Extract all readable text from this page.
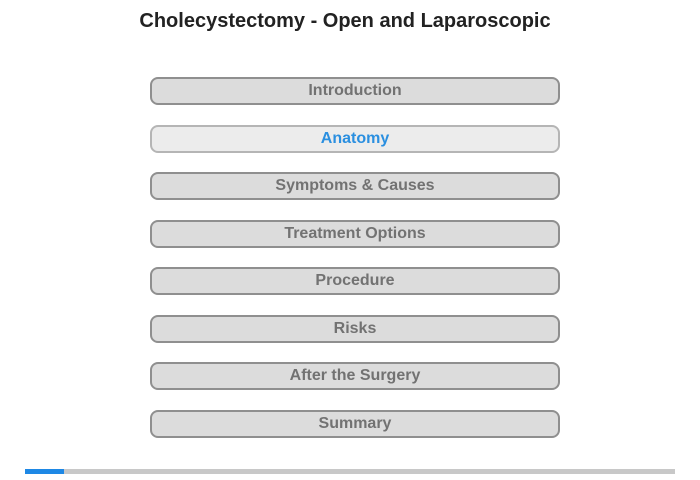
Cholecystectomy - Open and Laparoscopic
Introduction
Anatomy
Symptoms & Causes
Treatment Options
Procedure
Risks
After the Surgery
Summary
